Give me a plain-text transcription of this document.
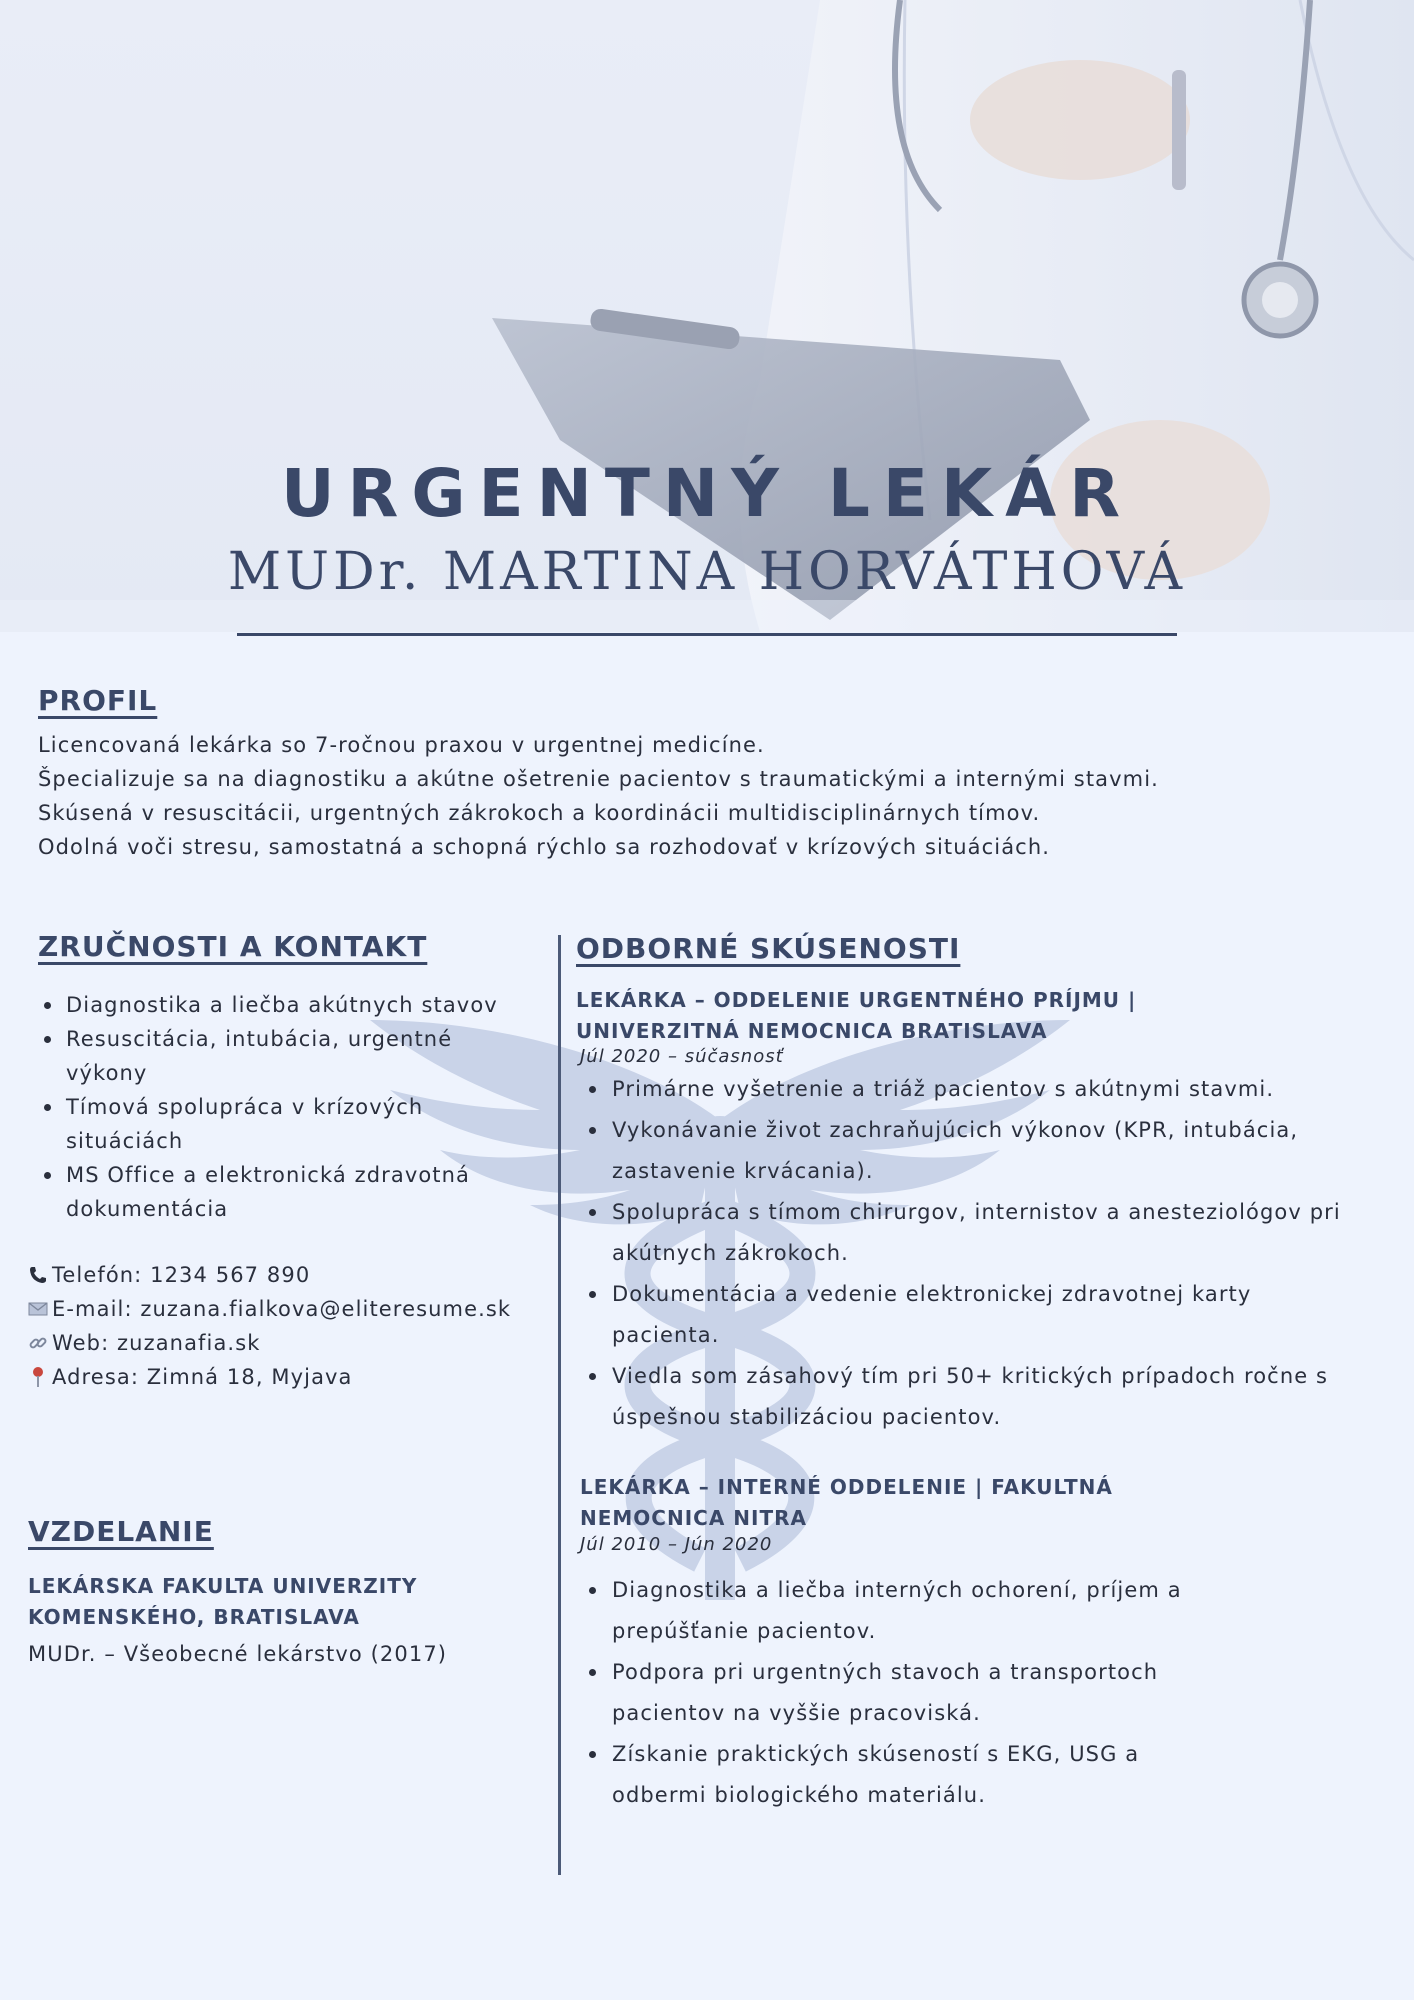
URGENTNÝ LEKÁR
MUDr. MARTINA HORVÁTHOVÁ
PROFIL
Licencovaná lekárka so 7-ročnou praxou v urgentnej medicíne.
Špecializuje sa na diagnostiku a akútne ošetrenie pacientov s traumatickými a internými stavmi.
Skúsená v resuscitácii, urgentných zákrokoch a koordinácii multidisciplinárnych tímov.
Odolná voči stresu, samostatná a schopná rýchlo sa rozhodovať v krízových situáciách.
ZRUČNOSTI A KONTAKT
Diagnostika a liečba akútnych stavov
Resuscitácia, intubácia, urgentné výkony
Tímová spolupráca v krízových situáciách
MS Office a elektronická zdravotná dokumentácia
Telefón: 1234 567 890
E-mail: zuzana.fialkova@eliteresume.sk
Web: zuzanafia.sk
Adresa: Zimná 18, Myjava
VZDELANIE
LEKÁRSKA FAKULTA UNIVERZITY KOMENSKÉHO, BRATISLAVA
MUDr. – Všeobecné lekárstvo (2017)
ODBORNÉ SKÚSENOSTI
LEKÁRKA – ODDELENIE URGENTNÉHO PRÍJMU | UNIVERZITNÁ NEMOCNICA BRATISLAVA
Júl 2020 – súčasnosť
Primárne vyšetrenie a triáž pacientov s akútnymi stavmi.
Vykonávanie život zachraňujúcich výkonov (KPR, intubácia, zastavenie krvácania).
Spolupráca s tímom chirurgov, internistov a anesteziológov pri akútnych zákrokoch.
Dokumentácia a vedenie elektronickej zdravotnej karty pacienta.
Viedla som zásahový tím pri 50+ kritických prípadoch ročne s úspešnou stabilizáciou pacientov.
LEKÁRKA – INTERNÉ ODDELENIE | FAKULTNÁ NEMOCNICA NITRA
Júl 2010 – Jún 2020
Diagnostika a liečba interných ochorení, príjem a prepúšťanie pacientov.
Podpora pri urgentných stavoch a transportoch pacientov na vyššie pracoviská.
Získanie praktických skúseností s EKG, USG a odbermi biologického materiálu.
